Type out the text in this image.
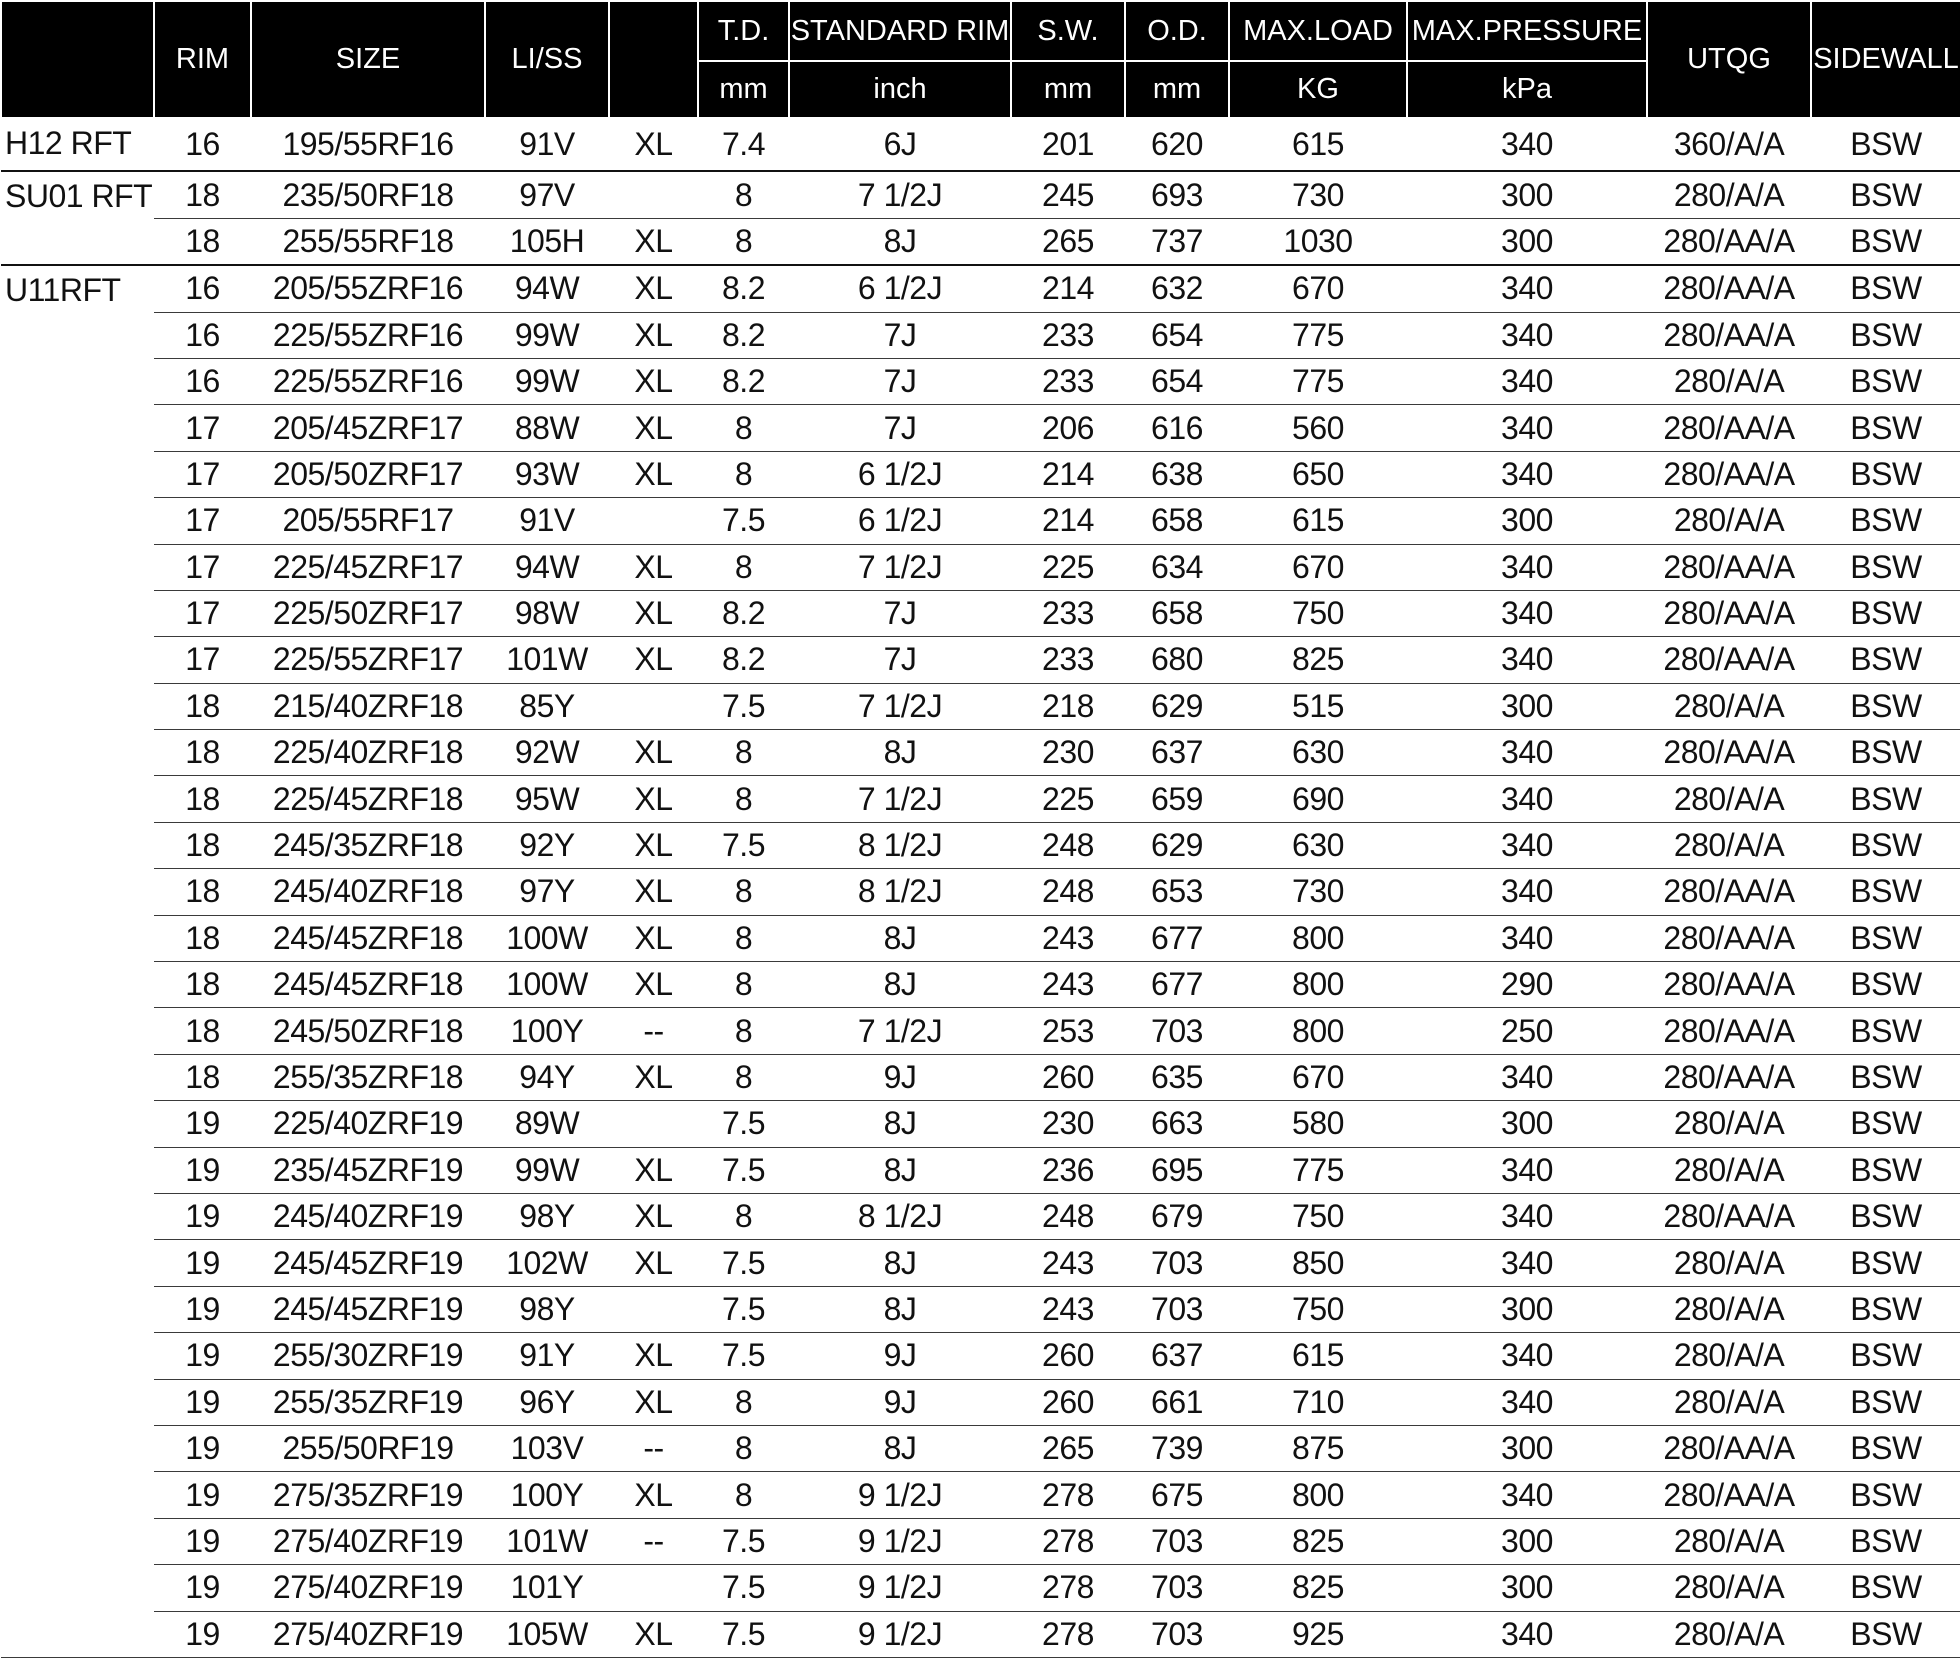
	RIM	SIZE	LI/SS		T.D.	STANDARD RIM	S.W.	O.D.	MAX.LOAD	MAX.PRESSURE	UTQG	SIDEWALL
					mm	inch	mm	mm	KG	kPa		
H12 RFT	16	195/55RF16	91V	XL	7.4	6J	201	620	615	340	360/A/A	BSW
SU01 RFT	18	235/50RF18	97V		8	7 1/2J	245	693	730	300	280/A/A	BSW
	18	255/55RF18	105H	XL	8	8J	265	737	1030	300	280/AA/A	BSW
U11RFT	16	205/55ZRF16	94W	XL	8.2	6 1/2J	214	632	670	340	280/AA/A	BSW
	16	225/55ZRF16	99W	XL	8.2	7J	233	654	775	340	280/AA/A	BSW
	16	225/55ZRF16	99W	XL	8.2	7J	233	654	775	340	280/A/A	BSW
	17	205/45ZRF17	88W	XL	8	7J	206	616	560	340	280/AA/A	BSW
	17	205/50ZRF17	93W	XL	8	6 1/2J	214	638	650	340	280/AA/A	BSW
	17	205/55RF17	91V		7.5	6 1/2J	214	658	615	300	280/A/A	BSW
	17	225/45ZRF17	94W	XL	8	7 1/2J	225	634	670	340	280/AA/A	BSW
	17	225/50ZRF17	98W	XL	8.2	7J	233	658	750	340	280/AA/A	BSW
	17	225/55ZRF17	101W	XL	8.2	7J	233	680	825	340	280/AA/A	BSW
	18	215/40ZRF18	85Y		7.5	7 1/2J	218	629	515	300	280/A/A	BSW
	18	225/40ZRF18	92W	XL	8	8J	230	637	630	340	280/AA/A	BSW
	18	225/45ZRF18	95W	XL	8	7 1/2J	225	659	690	340	280/A/A	BSW
	18	245/35ZRF18	92Y	XL	7.5	8 1/2J	248	629	630	340	280/A/A	BSW
	18	245/40ZRF18	97Y	XL	8	8 1/2J	248	653	730	340	280/AA/A	BSW
	18	245/45ZRF18	100W	XL	8	8J	243	677	800	340	280/AA/A	BSW
	18	245/45ZRF18	100W	XL	8	8J	243	677	800	290	280/AA/A	BSW
	18	245/50ZRF18	100Y	--	8	7 1/2J	253	703	800	250	280/AA/A	BSW
	18	255/35ZRF18	94Y	XL	8	9J	260	635	670	340	280/AA/A	BSW
	19	225/40ZRF19	89W		7.5	8J	230	663	580	300	280/A/A	BSW
	19	235/45ZRF19	99W	XL	7.5	8J	236	695	775	340	280/A/A	BSW
	19	245/40ZRF19	98Y	XL	8	8 1/2J	248	679	750	340	280/AA/A	BSW
	19	245/45ZRF19	102W	XL	7.5	8J	243	703	850	340	280/A/A	BSW
	19	245/45ZRF19	98Y		7.5	8J	243	703	750	300	280/A/A	BSW
	19	255/30ZRF19	91Y	XL	7.5	9J	260	637	615	340	280/A/A	BSW
	19	255/35ZRF19	96Y	XL	8	9J	260	661	710	340	280/A/A	BSW
	19	255/50RF19	103V	--	8	8J	265	739	875	300	280/AA/A	BSW
	19	275/35ZRF19	100Y	XL	8	9 1/2J	278	675	800	340	280/AA/A	BSW
	19	275/40ZRF19	101W	--	7.5	9 1/2J	278	703	825	300	280/A/A	BSW
	19	275/40ZRF19	101Y		7.5	9 1/2J	278	703	825	300	280/A/A	BSW
	19	275/40ZRF19	105W	XL	7.5	9 1/2J	278	703	925	340	280/A/A	BSW
